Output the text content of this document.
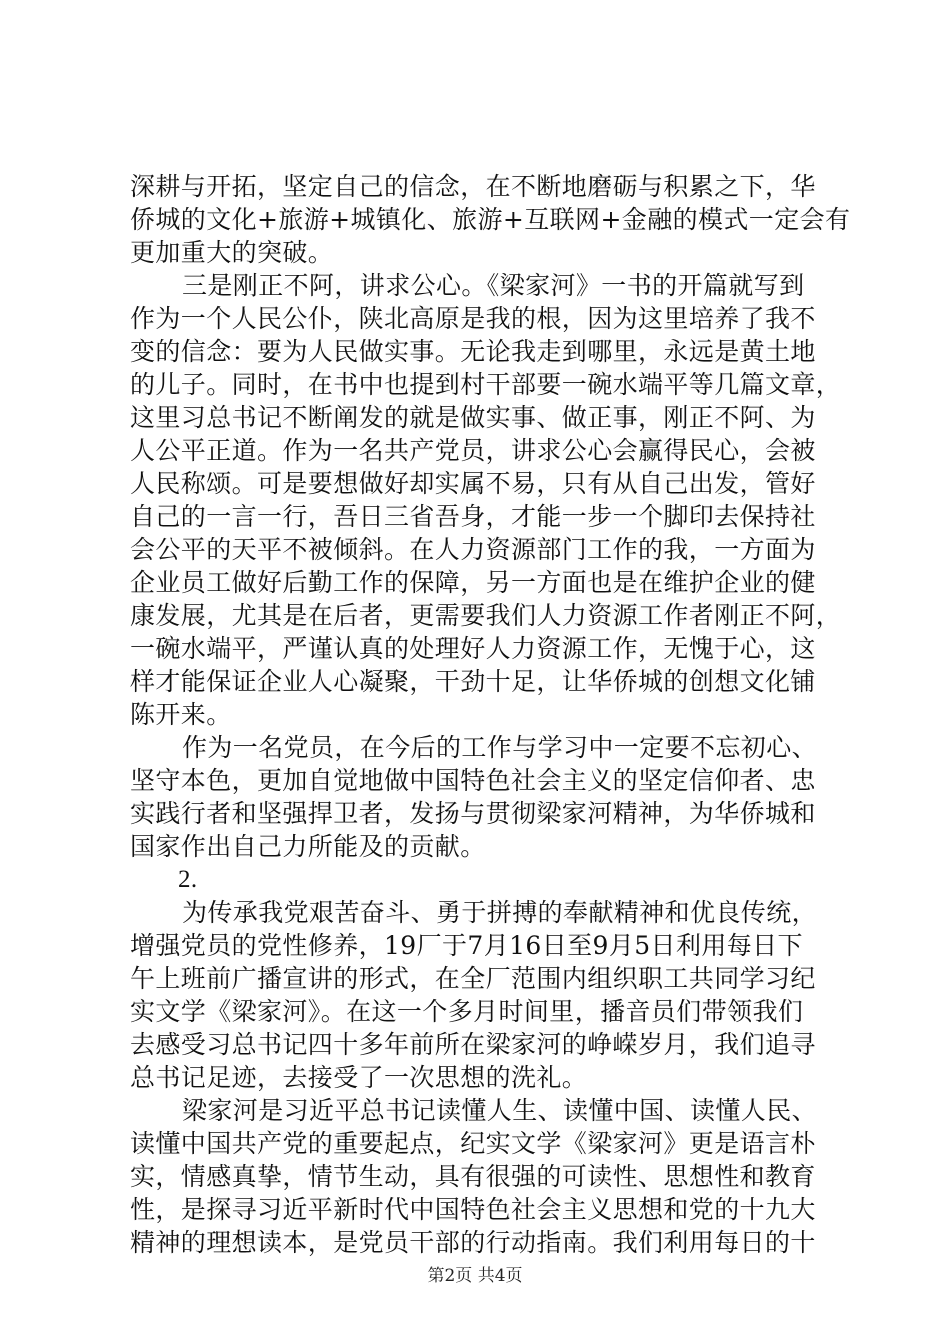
深耕与开拓，坚定自己的信念，在不断地磨砺与积累之下，华
侨城的文化+旅游+城镇化、旅游+互联网+金融的模式一定会有
更加重大的突破。
三是刚正不阿，讲求公心。《梁家河》一书的开篇就写到
作为一个人民公仆，陕北高原是我的根，因为这里培养了我不
变的信念：要为人民做实事。无论我走到哪里，永远是黄土地
的儿子。同时，在书中也提到村干部要一碗水端平等几篇文章，
这里习总书记不断阐发的就是做实事、做正事，刚正不阿、为
人公平正道。作为一名共产党员，讲求公心会赢得民心，会被
人民称颂。可是要想做好却实属不易，只有从自己出发，管好
自己的一言一行，吾日三省吾身，才能一步一个脚印去保持社
会公平的天平不被倾斜。在人力资源部门工作的我，一方面为
企业员工做好后勤工作的保障，另一方面也是在维护企业的健
康发展，尤其是在后者，更需要我们人力资源工作者刚正不阿，
一碗水端平，严谨认真的处理好人力资源工作，无愧于心，这
样才能保证企业人心凝聚，干劲十足，让华侨城的创想文化铺
陈开来。
作为一名党员，在今后的工作与学习中一定要不忘初心、
坚守本色，更加自觉地做中国特色社会主义的坚定信仰者、忠
实践行者和坚强捍卫者，发扬与贯彻梁家河精神，为华侨城和
国家作出自己力所能及的贡献。
2.
为传承我党艰苦奋斗、勇于拼搏的奉献精神和优良传统，
增强党员的党性修养，19厂于7月16日至9月5日利用每日下
午上班前广播宣讲的形式，在全厂范围内组织职工共同学习纪
实文学《梁家河》。在这一个多月时间里，播音员们带领我们
去感受习总书记四十多年前所在梁家河的峥嵘岁月，我们追寻
总书记足迹，去接受了一次思想的洗礼。
梁家河是习近平总书记读懂人生、读懂中国、读懂人民、
读懂中国共产党的重要起点，纪实文学《梁家河》更是语言朴
实，情感真挚，情节生动，具有很强的可读性、思想性和教育
性，是探寻习近平新时代中国特色社会主义思想和党的十九大
精神的理想读本，是党员干部的行动指南。我们利用每日的十
第2页 共4页
